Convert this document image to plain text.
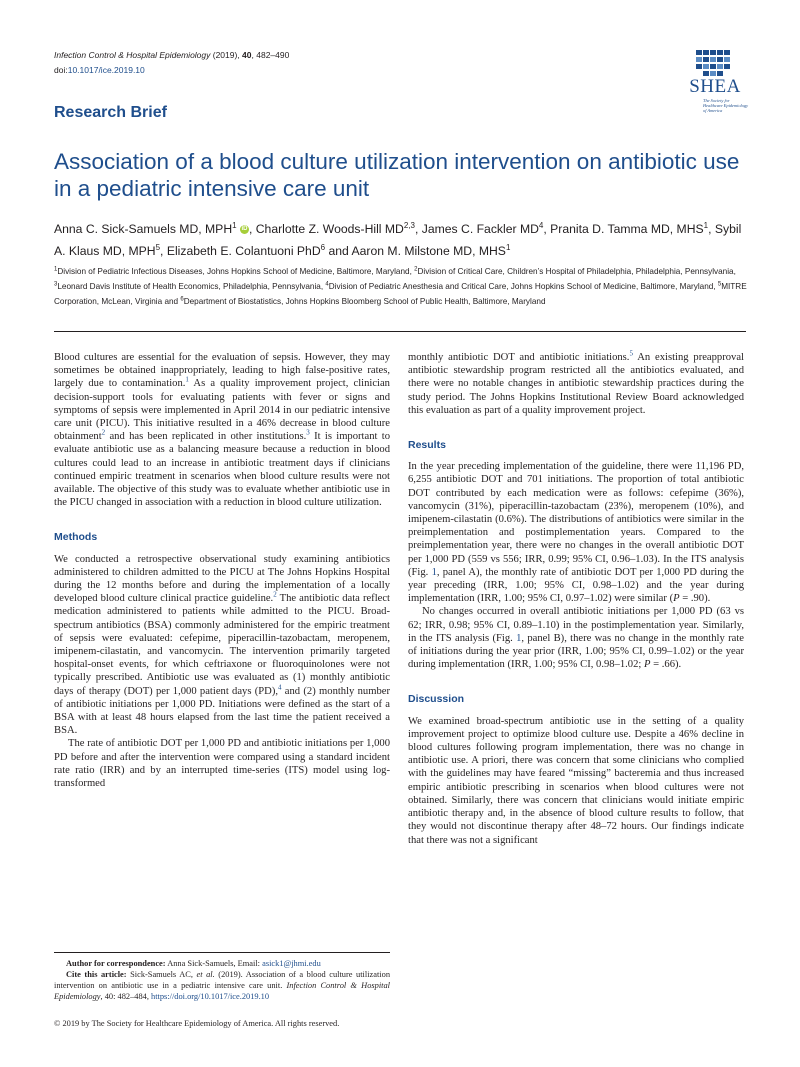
Infection Control & Hospital Epidemiology (2019), 40, 482–490
doi:10.1017/ice.2019.10
SHEA
The Society for Healthcare Epidemiology of America
Research Brief
Association of a blood culture utilization intervention on antibiotic use in a pediatric intensive care unit
Anna C. Sick-Samuels MD, MPH$^1$ iD , Charlotte Z. Woods-Hill MD$^{2,3}$, James C. Fackler $MD^4$, Pranita D. Tamma MD, MHS$^1$, Sybil A. Klaus MD, MPH$^5$, Elizabeth E. Colantuoni PhD$^6$ and Aaron M. Milstone MD, MHS$^1$
$^1$Division of Pediatric Infectious Diseases, Johns Hopkins School of Medicine, Baltimore, Maryland, $^2$Division of Critical Care, Children’s Hospital of Philadelphia, Philadelphia, Pennsylvania, $^3$Leonard Davis Institute of Health Economics, Philadelphia, Pennsylvania, $^4$Division of Pediatric Anesthesia and Critical Care, Johns Hopkins School of Medicine, Baltimore, Maryland, $^5$MITRE Corporation, McLean, Virginia and $^6$Department of Biostatistics, Johns Hopkins Bloomberg School of Public Health, Baltimore, Maryland

Blood cultures are essential for the evaluation of sepsis. However, they may sometimes be obtained inappropriately, leading to high false-positive rates, largely due to contamination.$^1$ As a quality improvement project, clinician decision-support tools for evaluating patients with fever or signs and symptoms of sepsis were implemented in April 2014 in our pediatric intensive care unit (PICU). This initiative resulted in a 46% decrease in blood culture obtainment$^2$ and has been replicated in other institutions.$^3$ It is important to evaluate antibiotic use as a balancing measure because a reduction in blood cultures could lead to an increase in antibiotic treatment days if clinicians continued empiric treatment in scenarios when blood culture results were not available. The objective of this study was to evaluate whether antibiotic use in the PICU changed in association with a reduction in blood culture utilization.

Methods

We conducted a retrospective observational study examining antibiotics administered to children admitted to the PICU at The Johns Hopkins Hospital during the 12 months before and during the implementation of a locally developed blood culture clinical practice guideline.$^2$ The antibiotic data reflect medication administered to patients while admitted to the PICU. Broad-spectrum antibiotics (BSA) commonly administered for the empiric treatment of sepsis were evaluated: cefepime, piperacillin-tazobactam, meropenem, imipenem-cilastatin, and vancomycin. The intervention primarily targeted hospital-onset events, for which ceftriaxone or fluoroquinolones were not typically prescribed. Antibiotic use was evaluated as (1) monthly antibiotic days of therapy (DOT) per 1,000 patient days (PD),$^4$ and (2) monthly number of antibiotic initiations per 1,000 PD. Initiations were defined as the start of a BSA with at least 48 hours elapsed from the last time the patient received a BSA.

The rate of antibiotic DOT per 1,000 PD and antibiotic initiations per 1,000 PD before and after the intervention were compared using a standard incident rate ratio (IRR) and by an interrupted time-series (ITS) model using log-transformed

monthly antibiotic DOT and antibiotic initiations.$^5$ An existing preapproval antibiotic stewardship program restricted all the antibiotics evaluated, and there were no notable changes in antibiotic stewardship practices during the study period. The Johns Hopkins Institutional Review Board acknowledged this evaluation as part of a quality improvement project.

Results

In the year preceding implementation of the guideline, there were 11,196 PD, 6,255 antibiotic DOT and 701 initiations. The proportion of total antibiotic DOT contributed by each medication were as follows: cefepime (36%), vancomycin (31%), piperacillin-tazobactam (23%), meropenem (10%), and imipenem-cilastatin (0.6%). The distributions of antibiotics were similar in the preimplementation and postimplementation years. Compared to the preimplementation year, there were no changes in the overall antibiotic DOT per 1,000 PD (559 vs 556; IRR, 0.99; 95% CI, 0.96–1.03). In the ITS analysis (Fig. 1, panel A), the monthly rate of antibiotic DOT per 1,000 PD during the year preceding (IRR, 1.00; 95% CI, 0.98–1.02) and the year during implementation (IRR, 1.00; 95% CI, 0.97–1.02) were similar (P = .90).

No changes occurred in overall antibiotic initiations per 1,000 PD (63 vs 62; IRR, 0.98; 95% CI, 0.89–1.10) in the postimplementation year. Similarly, in the ITS analysis (Fig. 1, panel B), there was no change in the monthly rate of initiations during the year prior (IRR, 1.00; 95% CI, 0.99–1.02) or the year during implementation (IRR, 1.00; 95% CI, 0.98–1.02; P = .66).

Discussion

We examined broad-spectrum antibiotic use in the setting of a quality improvement project to optimize blood culture use. Despite a 46% decline in blood cultures following program implementation, there was no change in antibiotic use. A priori, there was concern that some clinicians who complied with the guidelines may have feared “missing” bacteremia and thus increased empiric antibiotic prescribing in scenarios when blood cultures were not obtained. Similarly, there was concern that clinicians would initiate empiric antibiotic therapy and, in the absence of blood culture results to follow, that they would not discontinue therapy after 48–72 hours. Our findings indicate that there was not a significant

Author for correspondence: Anna Sick-Samuels, Email: asick1@jhmi.edu
Cite this article: Sick-Samuels AC, et al. (2019). Association of a blood culture utilization intervention on antibiotic use in a pediatric intensive care unit. Infection Control & Hospital Epidemiology, 40: 482–484, https://doi.org/10.1017/ice.2019.10
© 2019 by The Society for Healthcare Epidemiology of America. All rights reserved.
